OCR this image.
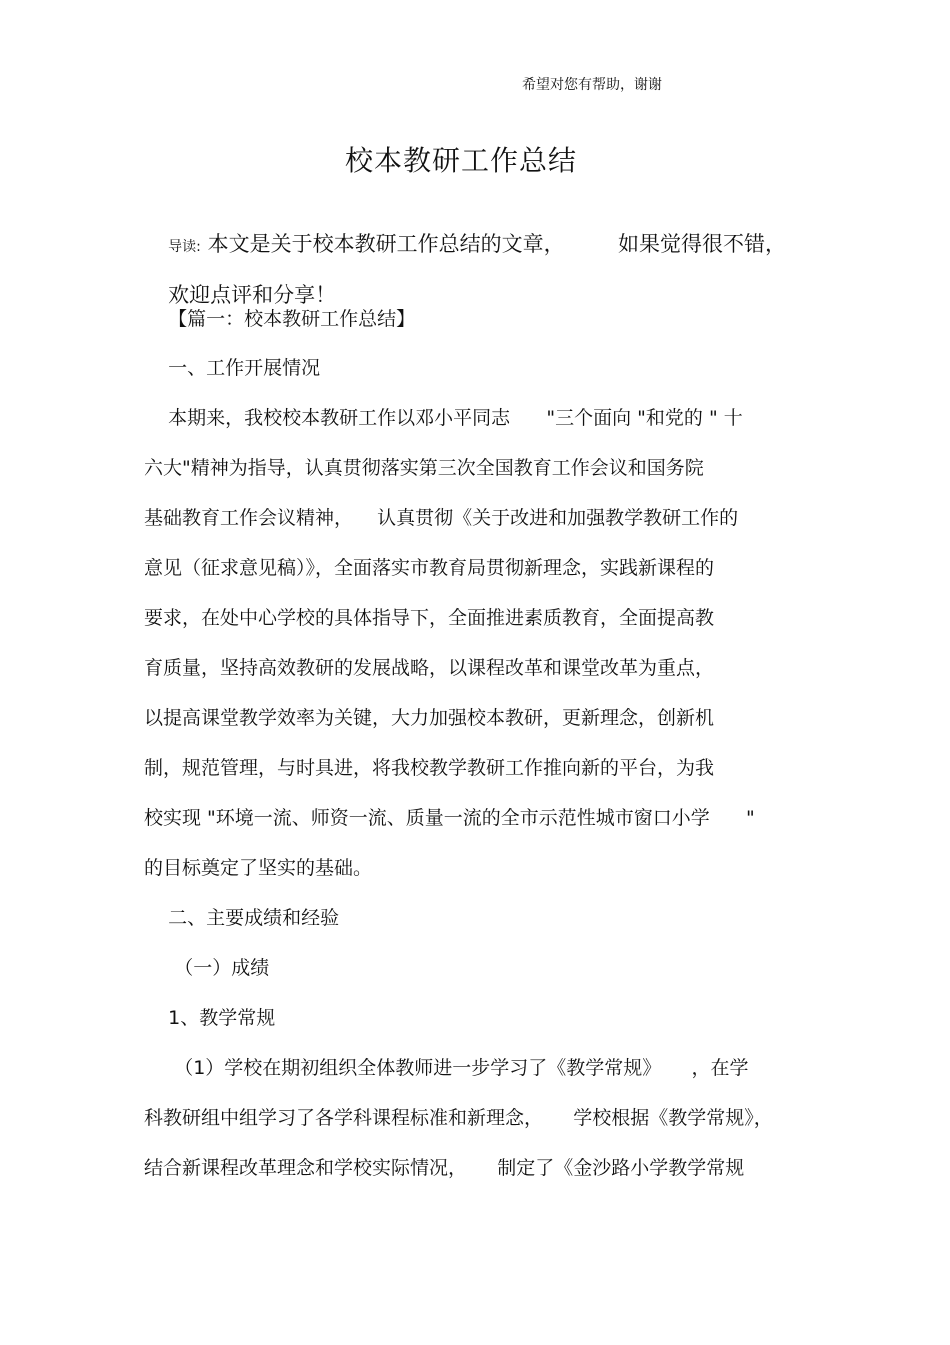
希望对您有帮助，谢谢
校本教研工作总结

导读: 本文是关于校本教研工作总结的文章，        如果觉得很不错，

欢迎点评和分享！

【篇一：校本教研工作总结】
一、工作开展情况
本期来，我校校本教研工作以邓小平同志      "三个面向 "和党的 " 十
六大"精神为指导，认真贯彻落实第三次全国教育工作会议和国务院
基础教育工作会议精神，    认真贯彻《关于改进和加强教学教研工作的
意见（征求意见稿）》，全面落实市教育局贯彻新理念，实践新课程的
要求，在处中心学校的具体指导下，全面推进素质教育，全面提高教
育质量，坚持高效教研的发展战略，以课程改革和课堂改革为重点，
以提高课堂教学效率为关键，大力加强校本教研，更新理念，创新机
制，规范管理，与时具进，将我校教学教研工作推向新的平台，为我
校实现 "环境一流、师资一流、质量一流的全市示范性城市窗口小学      "
的目标奠定了坚实的基础。
二、主要成绩和经验
（一）成绩
1、教学常规
（1）学校在期初组织全体教师进一步学习了《教学常规》     ，在学
科教研组中组学习了各学科课程标准和新理念，     学校根据《教学常规》，
结合新课程改革理念和学校实际情况，     制定了《金沙路小学教学常规
